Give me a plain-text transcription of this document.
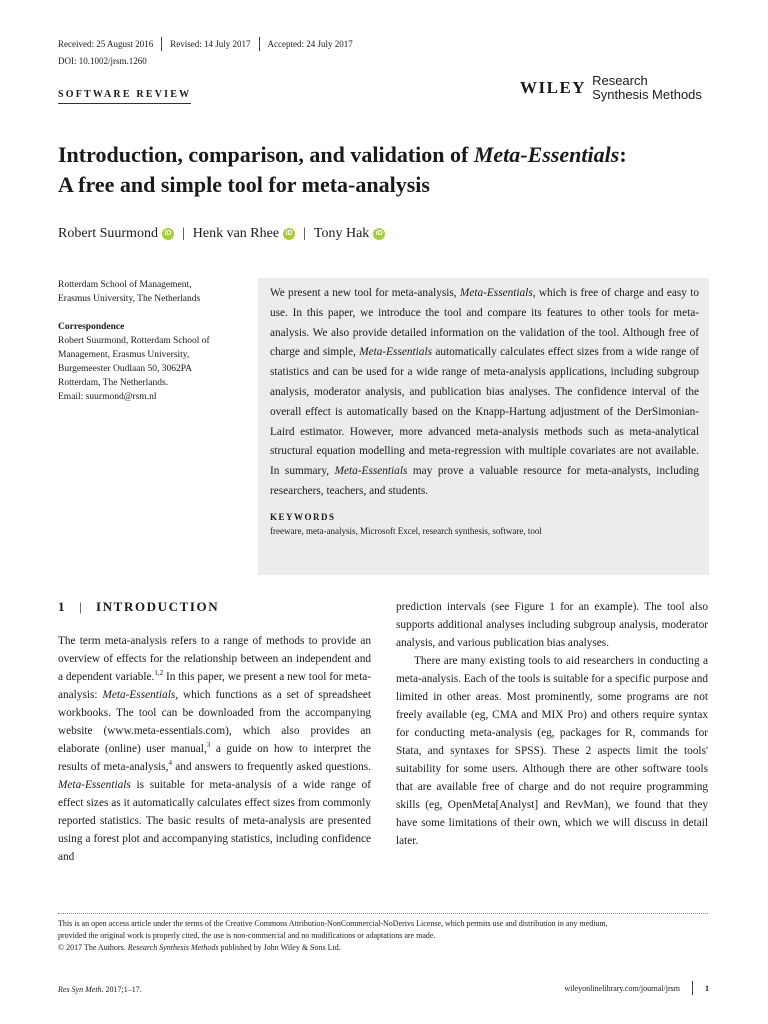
Received: 25 August 2016 Revised: 14 July 2017 Accepted: 24 July 2017
DOI: 10.1002/jrsm.1260
SOFTWARE REVIEW	WILEY Research
Synthesis Methods
Introduction, comparison, and validation of Meta-Essentials:
A free and simple tool for meta-analysis
Robert Suurmond iD | Henk van Rhee iD | Tony Hak iD
Rotterdam School of Management,
Erasmus University, The Netherlands
Correspondence
Robert Suurmond, Rotterdam School of
Management, Erasmus University,
Burgemeester Oudlaan 50, 3062PA
Rotterdam, The Netherlands.
Email: suurmond@rsm.nl

We present a new tool for meta-analysis, Meta-Essentials, which is free of charge and easy to use. In this paper, we introduce the tool and compare its features to other tools for meta-analysis. We also provide detailed information on the validation of the tool. Although free of charge and simple, Meta-Essentials automatically calculates effect sizes from a wide range of statistics and can be used for a wide range of meta-analysis applications, including subgroup analysis, moderator analysis, and publication bias analyses. The confidence interval of the overall effect is automatically based on the Knapp-Hartung adjustment of the DerSimonian-Laird estimator. However, more advanced meta-analysis methods such as meta-analytical structural equation modelling and meta-regression with multiple covariates are not available. In summary, Meta-Essentials may prove a valuable resource for meta-analysts, including researchers, teachers, and students.

KEYWORDS
freeware, meta-analysis, Microsoft Excel, research synthesis, software, tool
1 | INTRODUCTION

The term meta-analysis refers to a range of methods to provide an overview of effects for the relationship between an independent and a dependent variable.$^{1,2}$ In this paper, we present a new tool for meta-analysis: Meta-Essentials, which functions as a set of spreadsheet workbooks. The tool can be downloaded from the accompanying website (www.meta-essentials.com), which also provides an elaborate (online) user manual,$^3$ a guide on how to interpret the results of meta-analysis,$^4$ and answers to frequently asked questions. Meta-Essentials is suitable for meta-analysis of a wide range of effect sizes as it automatically calculates effect sizes from commonly reported statistics. The basic results of meta-analysis are presented using a forest plot and accompanying statistics, including confidence and

prediction intervals (see Figure 1 for an example). The tool also supports additional analyses including subgroup analysis, moderator analysis, and various publication bias analyses.

There are many existing tools to aid researchers in conducting a meta-analysis. Each of the tools is suitable for a specific purpose and limited in other areas. Most prominently, some programs are not freely available (eg, CMA and MIX Pro) and others require syntax for conducting meta-analysis (eg, packages for R, commands for Stata, and syntaxes for SPSS). These 2 aspects limit the tools' suitability for some users. Although there are other software tools that are available free of charge and do not require programming skills (eg, OpenMeta[Analyst] and RevMan), we found that they have some limitations of their own, which we will discuss in detail later.

This is an open access article under the terms of the Creative Commons Attribution-NonCommercial-NoDerivs License, which permits use and distribution in any medium,
provided the original work is properly cited, the use is non-commercial and no modifications or adaptations are made.
© 2017 The Authors. Research Synthesis Methods published by John Wiley & Sons Ltd.
Res Syn Meth. 2017;1–17.	wileyonlinelibrary.com/journal/jrsm	1
